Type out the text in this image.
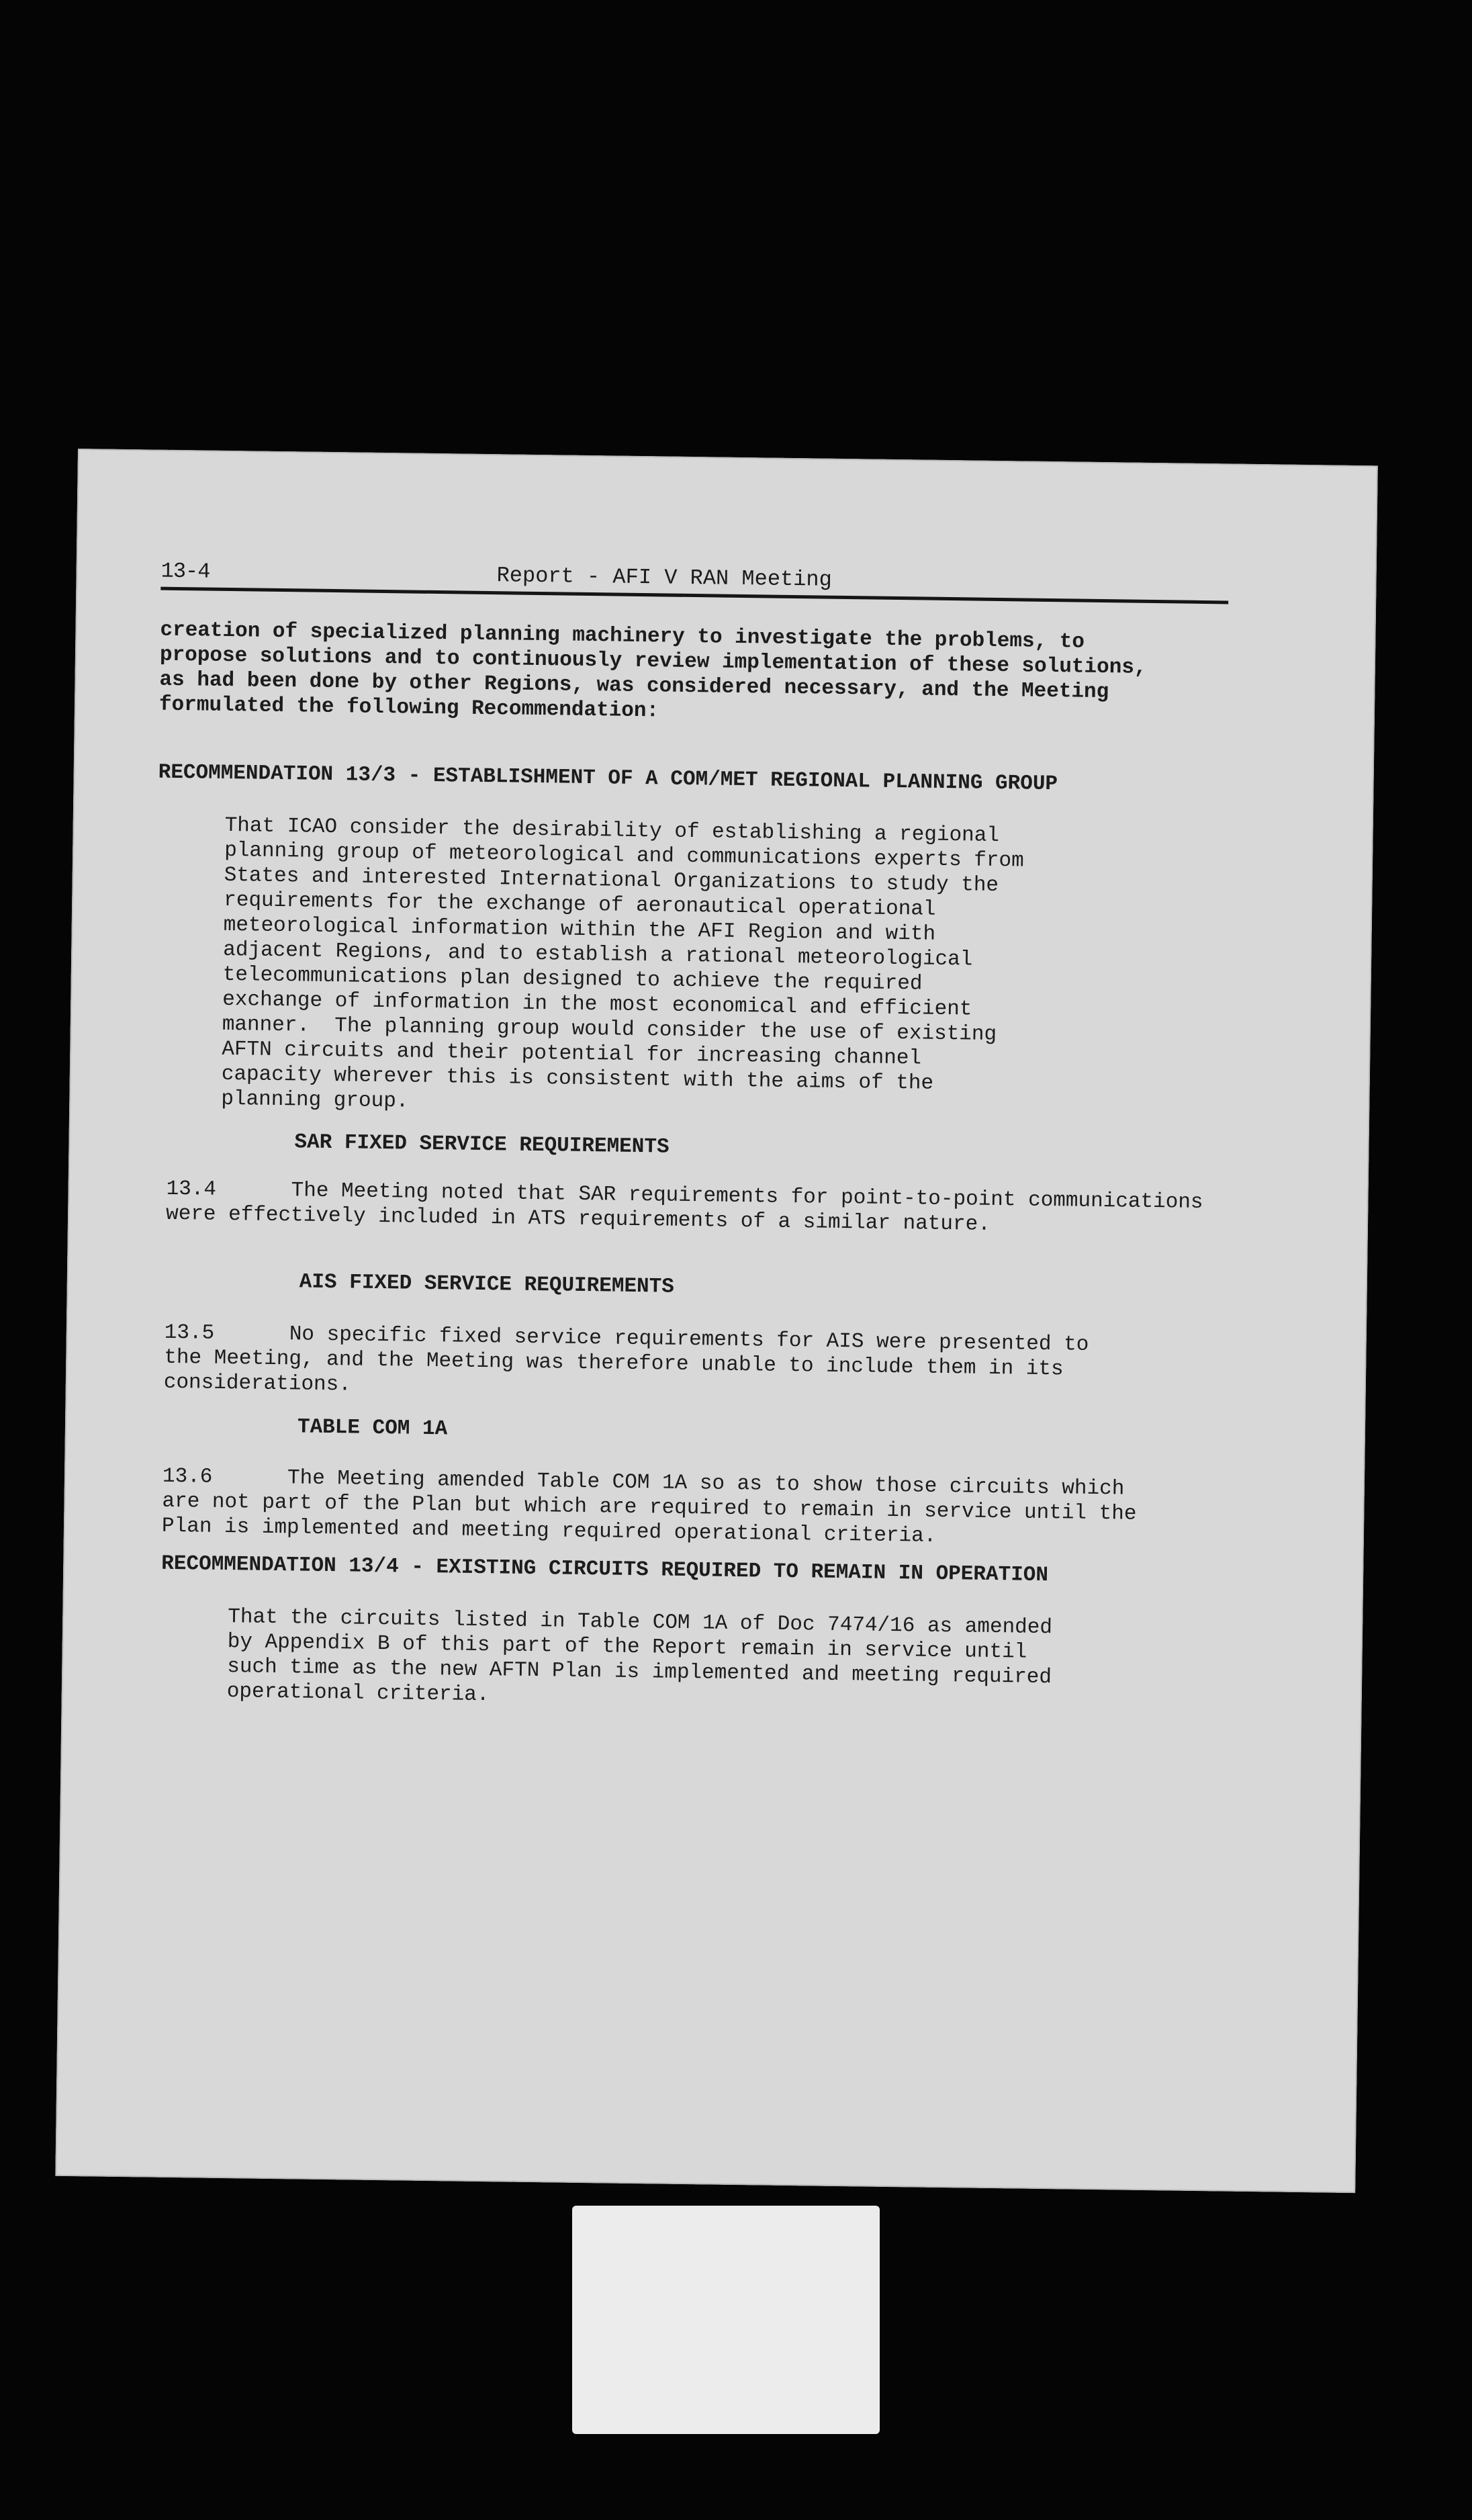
13-4	Report - AFI V RAN Meeting
creation of specialized planning machinery to investigate the problems, to
propose solutions and to continuously review implementation of these solutions,
as had been done by other Regions, was considered necessary, and the Meeting
formulated the following Recommendation:
RECOMMENDATION 13/3 - ESTABLISHMENT OF A COM/MET REGIONAL PLANNING GROUP
That ICAO consider the desirability of establishing a regional
planning group of meteorological and communications experts from
States and interested International Organizations to study the
requirements for the exchange of aeronautical operational
meteorological information within the AFI Region and with
adjacent Regions, and to establish a rational meteorological
telecommunications plan designed to achieve the required
exchange of information in the most economical and efficient
manner.  The planning group would consider the use of existing
AFTN circuits and their potential for increasing channel
capacity wherever this is consistent with the aims of the
planning group.
SAR FIXED SERVICE REQUIREMENTS
13.4      The Meeting noted that SAR requirements for point-to-point communications
were effectively included in ATS requirements of a similar nature.
AIS FIXED SERVICE REQUIREMENTS
13.5      No specific fixed service requirements for AIS were presented to
the Meeting, and the Meeting was therefore unable to include them in its
considerations.
TABLE COM 1A
13.6      The Meeting amended Table COM 1A so as to show those circuits which
are not part of the Plan but which are required to remain in service until the
Plan is implemented and meeting required operational criteria.
RECOMMENDATION 13/4 - EXISTING CIRCUITS REQUIRED TO REMAIN IN OPERATION
That the circuits listed in Table COM 1A of Doc 7474/16 as amended
by Appendix B of this part of the Report remain in service until
such time as the new AFTN Plan is implemented and meeting required
operational criteria.
